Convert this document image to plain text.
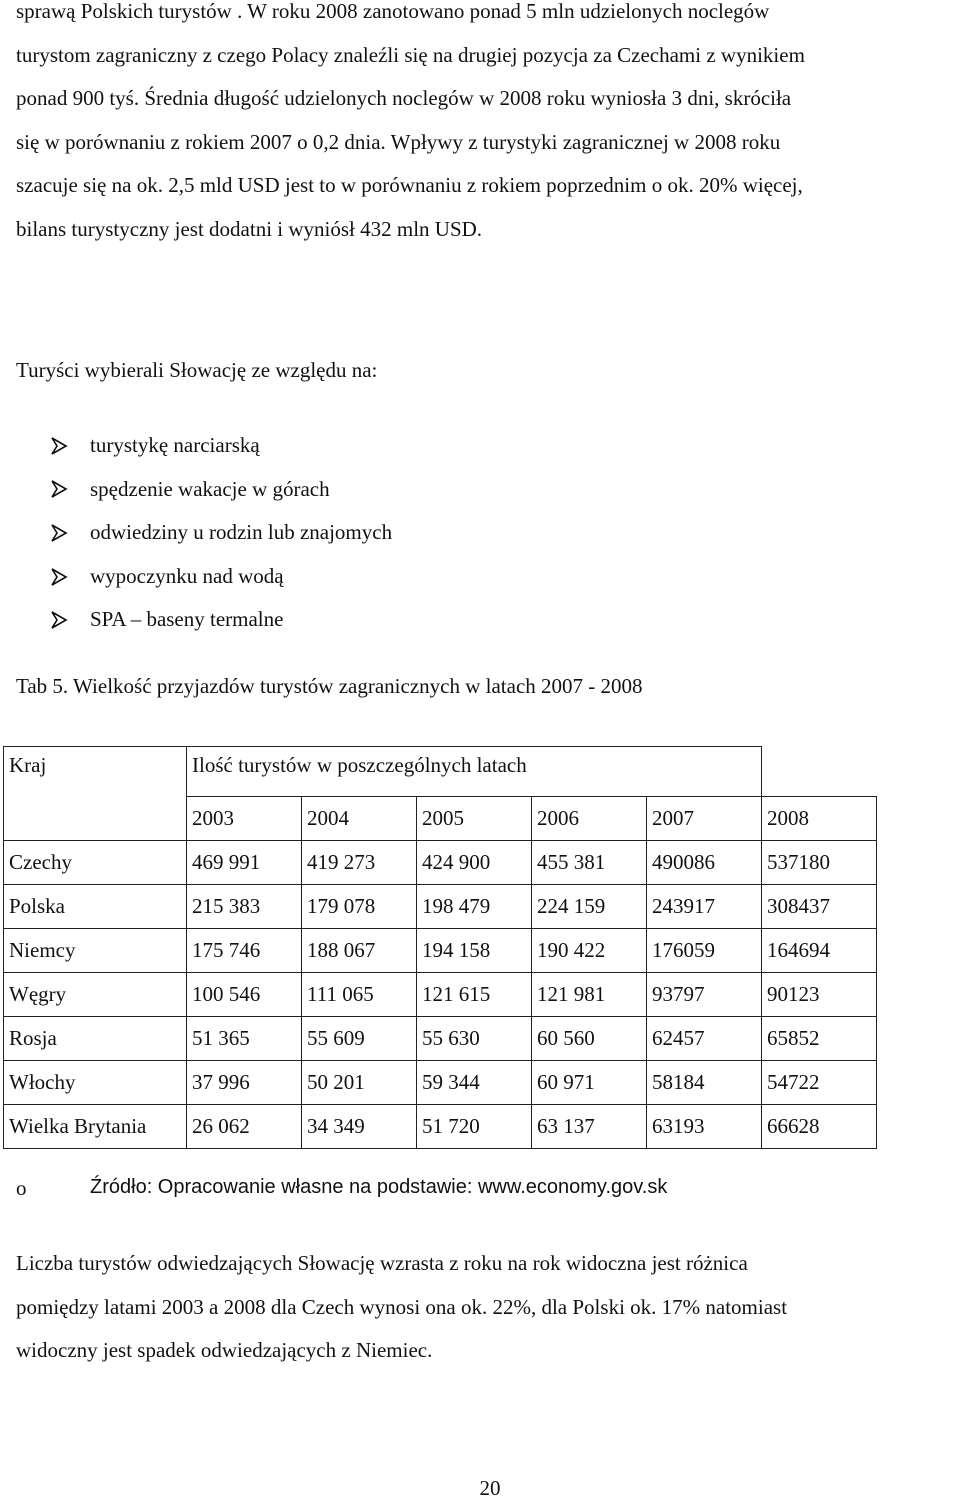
sprawą Polskich turystów . W roku 2008 zanotowano ponad 5 mln udzielonych noclegów
turystom zagraniczny z czego Polacy znaleźli się na drugiej pozycja za Czechami z wynikiem
ponad 900 tyś. Średnia długość udzielonych noclegów w 2008 roku wyniosła 3 dni, skróciła
się w porównaniu z rokiem 2007 o 0,2 dnia. Wpływy z turystyki zagranicznej w 2008 roku
szacuje się na ok. 2,5 mld USD jest to w porównaniu z rokiem poprzednim o ok. 20% więcej,
bilans turystyczny jest dodatni i wyniósł 432 mln USD.

Turyści wybierali Słowację ze względu na:
turystykę narciarską
spędzenie wakacje w górach
odwiedziny u rodzin lub znajomych
wypoczynku nad wodą
SPA – baseny termalne
Tab 5. Wielkość przyjazdów turystów zagranicznych w latach 2007 - 2008
Kraj	Ilość turystów w poszczególnych latach					
	2003	2004	2005	2006	2007	2008
Czechy	469 991	419 273	424 900	455 381	490086	537180
Polska	215 383	179 078	198 479	224 159	243917	308437
Niemcy	175 746	188 067	194 158	190 422	176059	164694
Węgry	100 546	111 065	121 615	121 981	93797	90123
Rosja	51 365	55 609	55 630	60 560	62457	65852
Włochy	37 996	50 201	59 344	60 971	58184	54722
Wielka Brytania	26 062	34 349	51 720	63 137	63193	66628
o	Źródło: Opracowanie własne na podstawie: www.economy.gov.sk

Liczba turystów odwiedzających Słowację wzrasta z roku na rok widoczna jest różnica
pomiędzy latami 2003 a 2008 dla Czech wynosi ona ok. 22%, dla Polski ok. 17% natomiast
widoczny jest spadek odwiedzających z Niemiec.

20
